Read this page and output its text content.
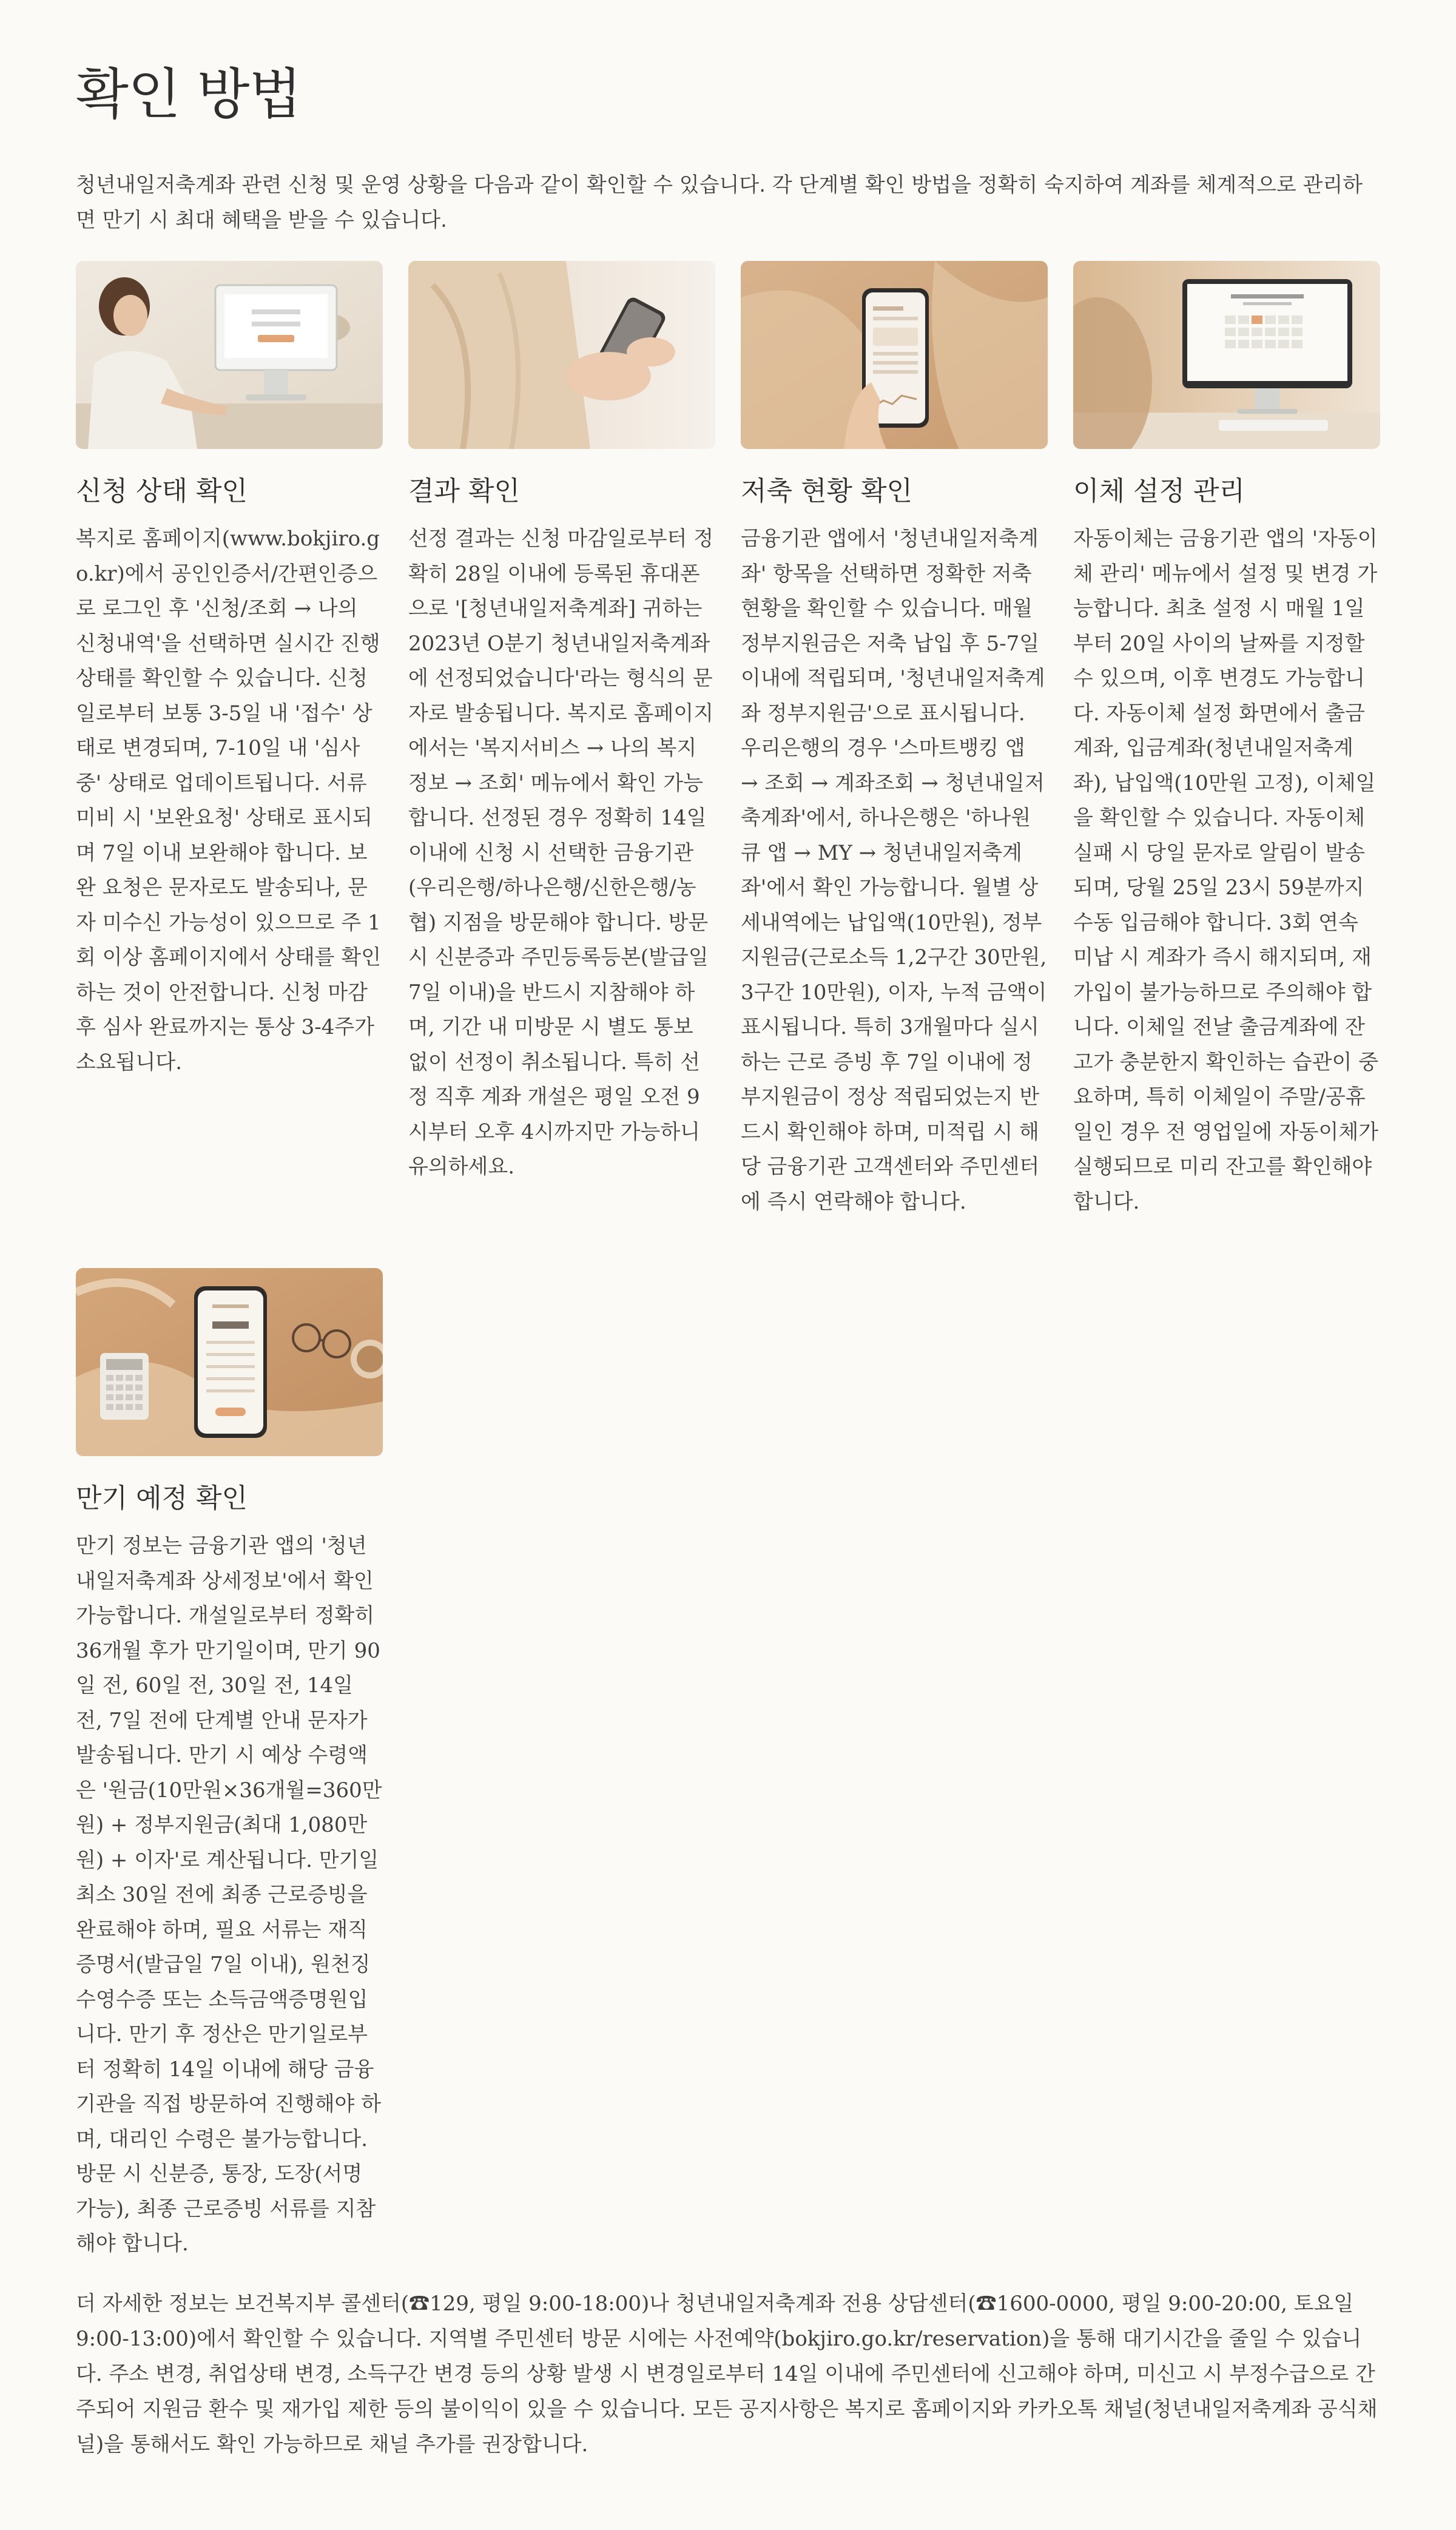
확인 방법

청년내일저축계좌 관련 신청 및 운영 상황을 다음과 같이 확인할 수 있습니다. 각 단계별 확인 방법을 정확히 숙지하여 계좌를 체계적으로 관리하면 만기 시 최대 혜택을 받을 수 있습니다.

신청 상태 확인
복지로 홈페이지(www.bokjiro.go.kr)에서 공인인증서/간편인증으로 로그인 후 '신청/조회 → 나의 신청내역'을 선택하면 실시간 진행 상태를 확인할 수 있습니다. 신청일로부터 보통 3-5일 내 '접수' 상태로 변경되며, 7-10일 내 '심사 중' 상태로 업데이트됩니다. 서류 미비 시 '보완요청' 상태로 표시되며 7일 이내 보완해야 합니다. 보완 요청은 문자로도 발송되나, 문자 미수신 가능성이 있으므로 주 1회 이상 홈페이지에서 상태를 확인하는 것이 안전합니다. 신청 마감 후 심사 완료까지는 통상 3-4주가 소요됩니다.
결과 확인
선정 결과는 신청 마감일로부터 정확히 28일 이내에 등록된 휴대폰으로 '[청년내일저축계좌] 귀하는 2023년 O분기 청년내일저축계좌에 선정되었습니다'라는 형식의 문자로 발송됩니다. 복지로 홈페이지에서는 '복지서비스 → 나의 복지정보 → 조회' 메뉴에서 확인 가능합니다. 선정된 경우 정확히 14일 이내에 신청 시 선택한 금융기관(우리은행/하나은행/신한은행/농협) 지점을 방문해야 합니다. 방문 시 신분증과 주민등록등본(발급일 7일 이내)을 반드시 지참해야 하며, 기간 내 미방문 시 별도 통보 없이 선정이 취소됩니다. 특히 선정 직후 계좌 개설은 평일 오전 9시부터 오후 4시까지만 가능하니 유의하세요.
저축 현황 확인
금융기관 앱에서 '청년내일저축계좌' 항목을 선택하면 정확한 저축 현황을 확인할 수 있습니다. 매월 정부지원금은 저축 납입 후 5-7일 이내에 적립되며, '청년내일저축계좌 정부지원금'으로 표시됩니다. 우리은행의 경우 '스마트뱅킹 앱 → 조회 → 계좌조회 → 청년내일저축계좌'에서, 하나은행은 '하나원큐 앱 → MY → 청년내일저축계좌'에서 확인 가능합니다. 월별 상세내역에는 납입액(10만원), 정부지원금(근로소득 1,2구간 30만원, 3구간 10만원), 이자, 누적 금액이 표시됩니다. 특히 3개월마다 실시하는 근로 증빙 후 7일 이내에 정부지원금이 정상 적립되었는지 반드시 확인해야 하며, 미적립 시 해당 금융기관 고객센터와 주민센터에 즉시 연락해야 합니다.
이체 설정 관리
자동이체는 금융기관 앱의 '자동이체 관리' 메뉴에서 설정 및 변경 가능합니다. 최초 설정 시 매월 1일부터 20일 사이의 날짜를 지정할 수 있으며, 이후 변경도 가능합니다. 자동이체 설정 화면에서 출금계좌, 입금계좌(청년내일저축계좌), 납입액(10만원 고정), 이체일을 확인할 수 있습니다. 자동이체 실패 시 당일 문자로 알림이 발송되며, 당월 25일 23시 59분까지 수동 입금해야 합니다. 3회 연속 미납 시 계좌가 즉시 해지되며, 재가입이 불가능하므로 주의해야 합니다. 이체일 전날 출금계좌에 잔고가 충분한지 확인하는 습관이 중요하며, 특히 이체일이 주말/공휴일인 경우 전 영업일에 자동이체가 실행되므로 미리 잔고를 확인해야 합니다.
만기 예정 확인
만기 정보는 금융기관 앱의 '청년내일저축계좌 상세정보'에서 확인 가능합니다. 개설일로부터 정확히 36개월 후가 만기일이며, 만기 90일 전, 60일 전, 30일 전, 14일 전, 7일 전에 단계별 안내 문자가 발송됩니다. 만기 시 예상 수령액은 '원금(10만원×36개월=360만원) + 정부지원금(최대 1,080만원) + 이자'로 계산됩니다. 만기일 최소 30일 전에 최종 근로증빙을 완료해야 하며, 필요 서류는 재직증명서(발급일 7일 이내), 원천징수영수증 또는 소득금액증명원입니다. 만기 후 정산은 만기일로부터 정확히 14일 이내에 해당 금융기관을 직접 방문하여 진행해야 하며, 대리인 수령은 불가능합니다. 방문 시 신분증, 통장, 도장(서명 가능), 최종 근로증빙 서류를 지참해야 합니다.

더 자세한 정보는 보건복지부 콜센터(☎129, 평일 9:00-18:00)나 청년내일저축계좌 전용 상담센터(☎1600-0000, 평일 9:00-20:00, 토요일 9:00-13:00)에서 확인할 수 있습니다. 지역별 주민센터 방문 시에는 사전예약(bokjiro.go.kr/reservation)을 통해 대기시간을 줄일 수 있습니다. 주소 변경, 취업상태 변경, 소득구간 변경 등의 상황 발생 시 변경일로부터 14일 이내에 주민센터에 신고해야 하며, 미신고 시 부정수급으로 간주되어 지원금 환수 및 재가입 제한 등의 불이익이 있을 수 있습니다. 모든 공지사항은 복지로 홈페이지와 카카오톡 채널(청년내일저축계좌 공식채널)을 통해서도 확인 가능하므로 채널 추가를 권장합니다.
